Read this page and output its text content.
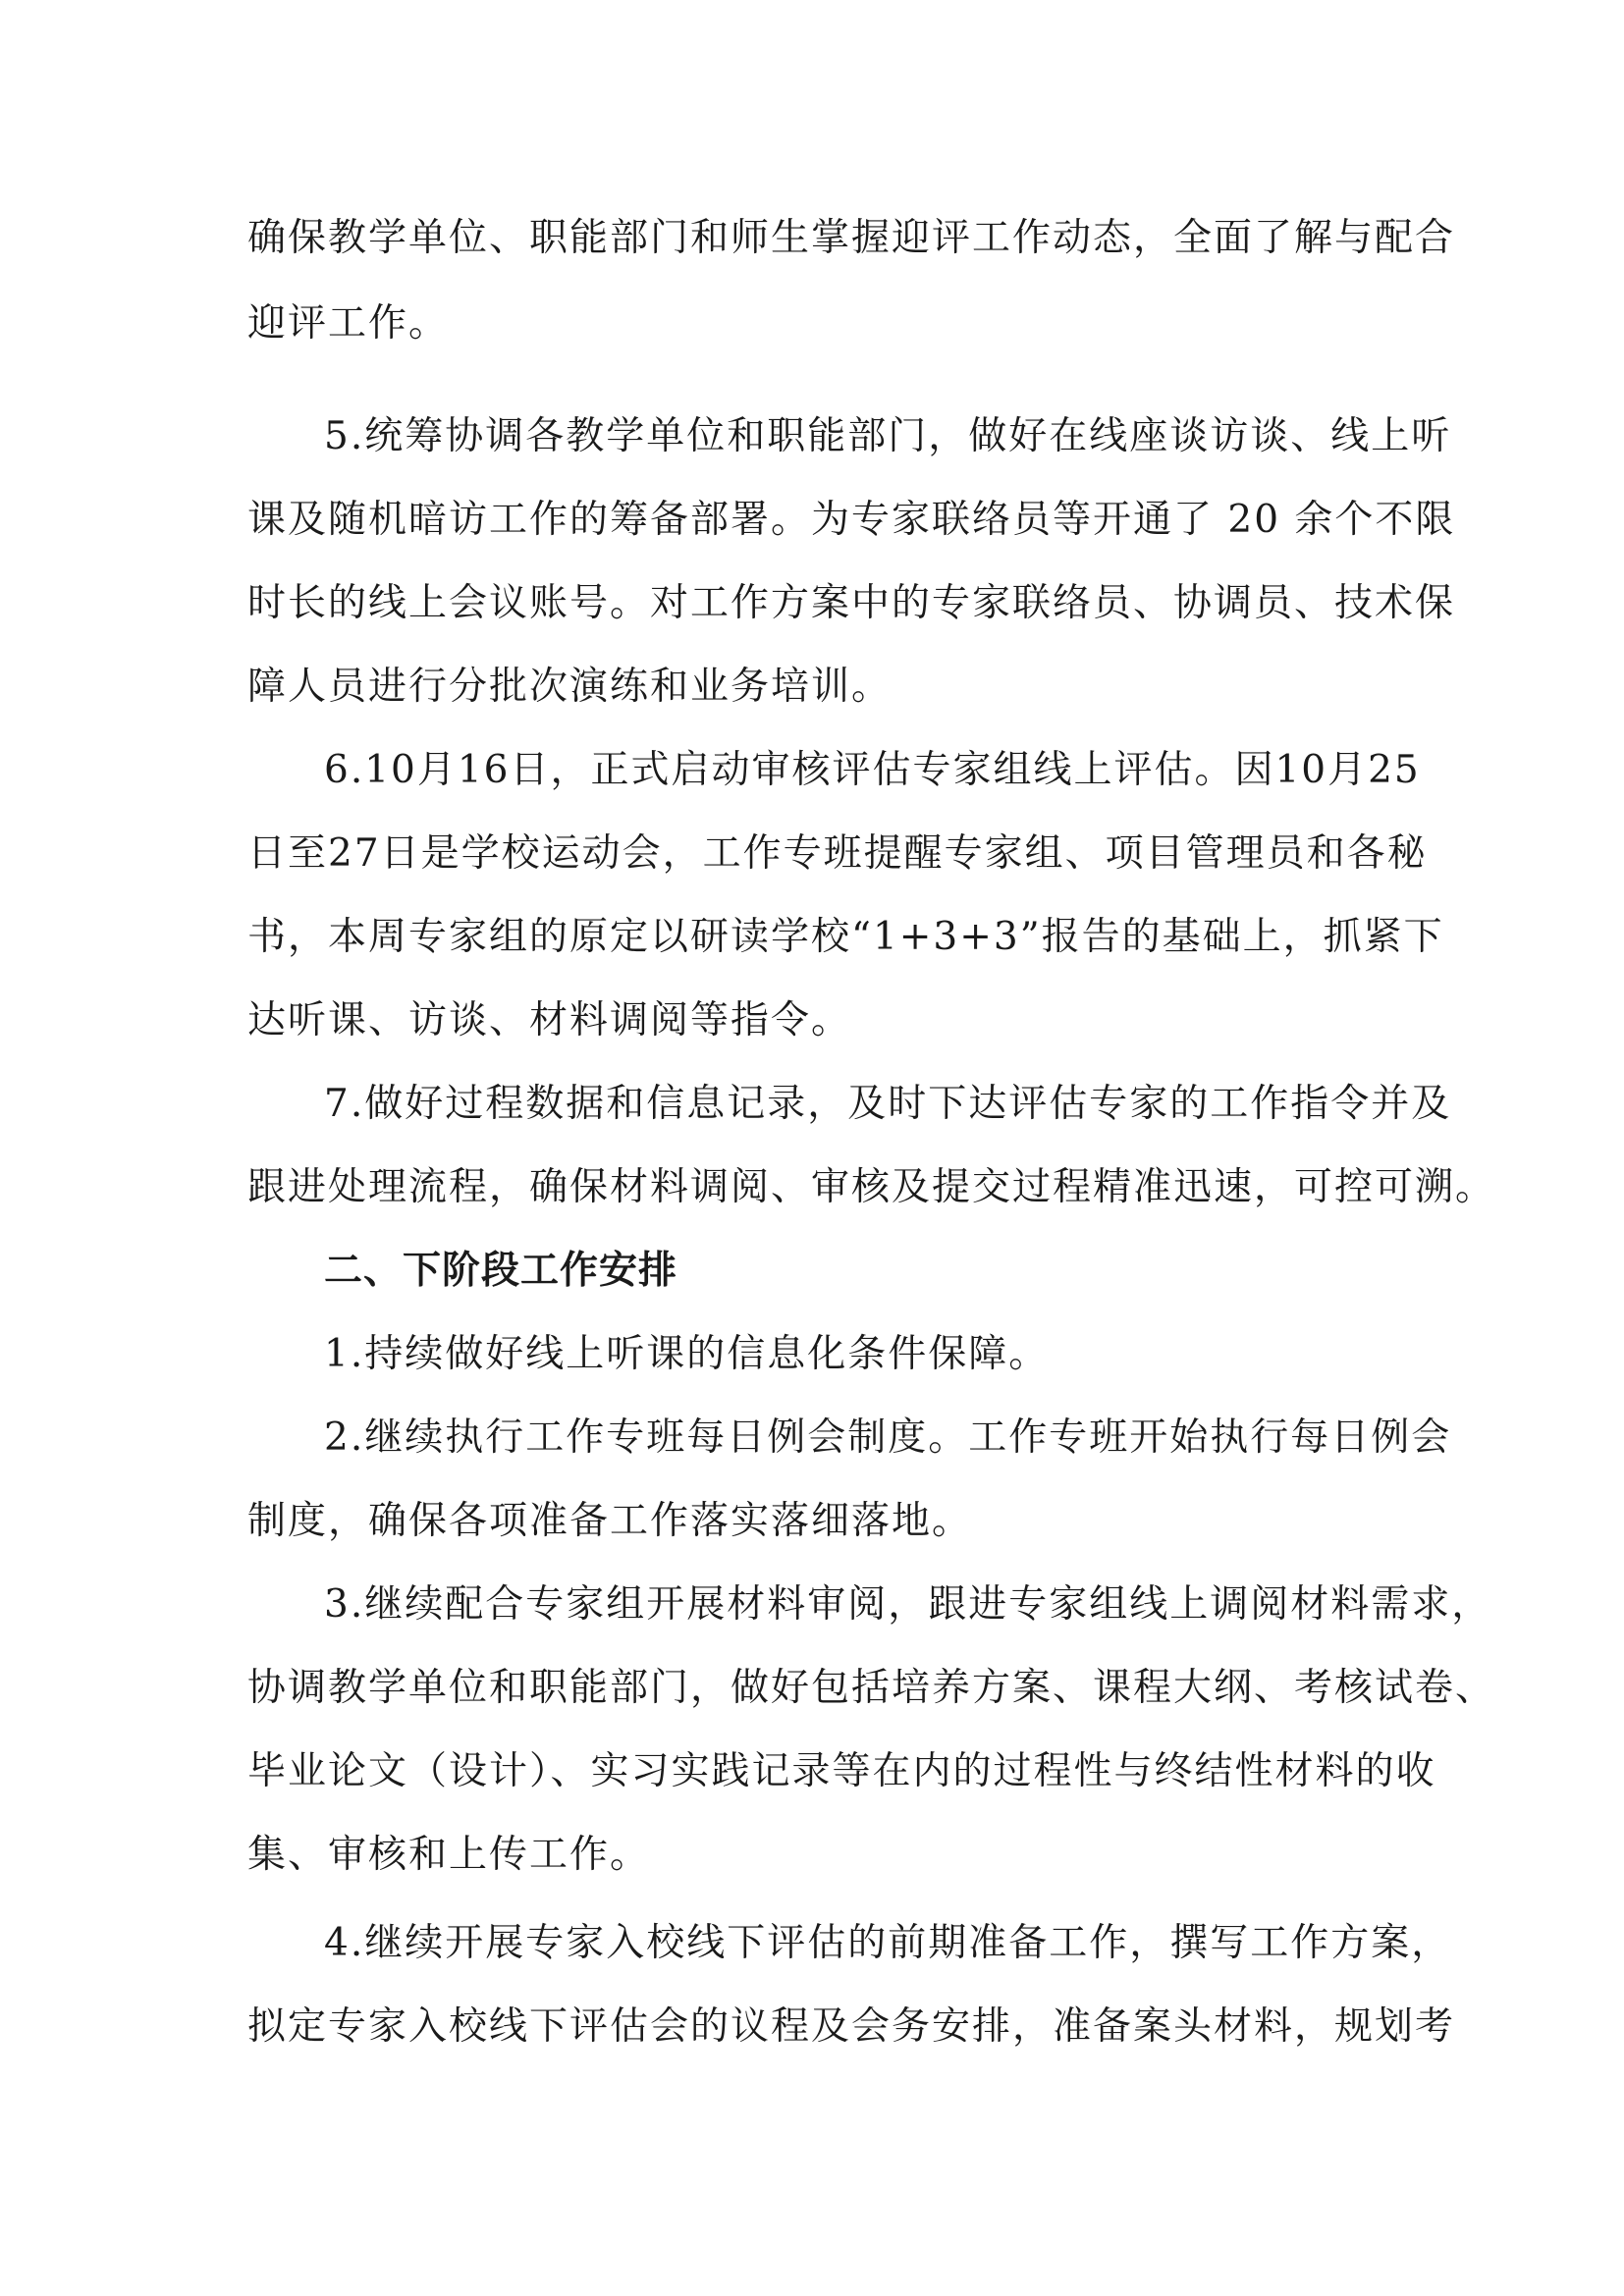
确保教学单位、职能部门和师生掌握迎评工作动态，全面了解与配合
迎评工作。
5.统筹协调各教学单位和职能部门，做好在线座谈访谈、线上听
课及随机暗访工作的筹备部署。为专家联络员等开通了 20 余个不限
时长的线上会议账号。对工作方案中的专家联络员、协调员、技术保
障人员进行分批次演练和业务培训。
6.10月16日，正式启动审核评估专家组线上评估。因10月25
日至27日是学校运动会，工作专班提醒专家组、项目管理员和各秘
书，本周专家组的原定以研读学校“1+3+3”报告的基础上，抓紧下
达听课、访谈、材料调阅等指令。
7.做好过程数据和信息记录，及时下达评估专家的工作指令并及
跟进处理流程，确保材料调阅、审核及提交过程精准迅速，可控可溯。
二、下阶段工作安排
1.持续做好线上听课的信息化条件保障。
2.继续执行工作专班每日例会制度。工作专班开始执行每日例会
制度，确保各项准备工作落实落细落地。
3.继续配合专家组开展材料审阅，跟进专家组线上调阅材料需求，
协调教学单位和职能部门，做好包括培养方案、课程大纲、考核试卷、
毕业论文（设计）、实习实践记录等在内的过程性与终结性材料的收
集、审核和上传工作。
4.继续开展专家入校线下评估的前期准备工作，撰写工作方案，
拟定专家入校线下评估会的议程及会务安排，准备案头材料，规划考
